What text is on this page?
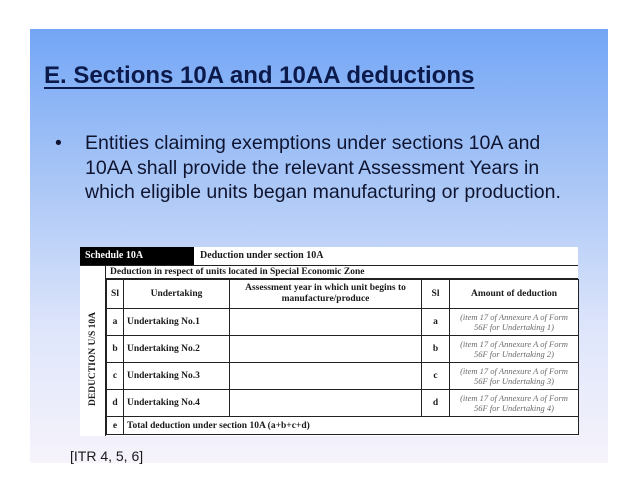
E. Sections 10A and 10AA deductions
•	Entities claiming exemptions under sections 10A and 10AA shall provide the relevant Assessment Years in which eligible units began manufacturing or production.
Schedule 10A	Deduction under section 10A
DEDUCTION U/S 10A
Deduction in respect of units located in Special Economic Zone
Sl	Undertaking	Assessment year in which unit begins to manufacture/produce	Sl	Amount of deduction
a	Undertaking No.1		a	(item 17 of Annexure A of Form 56F for Undertaking 1)
b	Undertaking No.2		b	(item 17 of Annexure A of Form 56F for Undertaking 2)
c	Undertaking No.3		c	(item 17 of Annexure A of Form 56F for Undertaking 3)
d	Undertaking No.4		d	(item 17 of Annexure A of Form 56F for Undertaking 4)
e	Total deduction under section 10A (a+b+c+d)			
[ITR 4, 5, 6]
